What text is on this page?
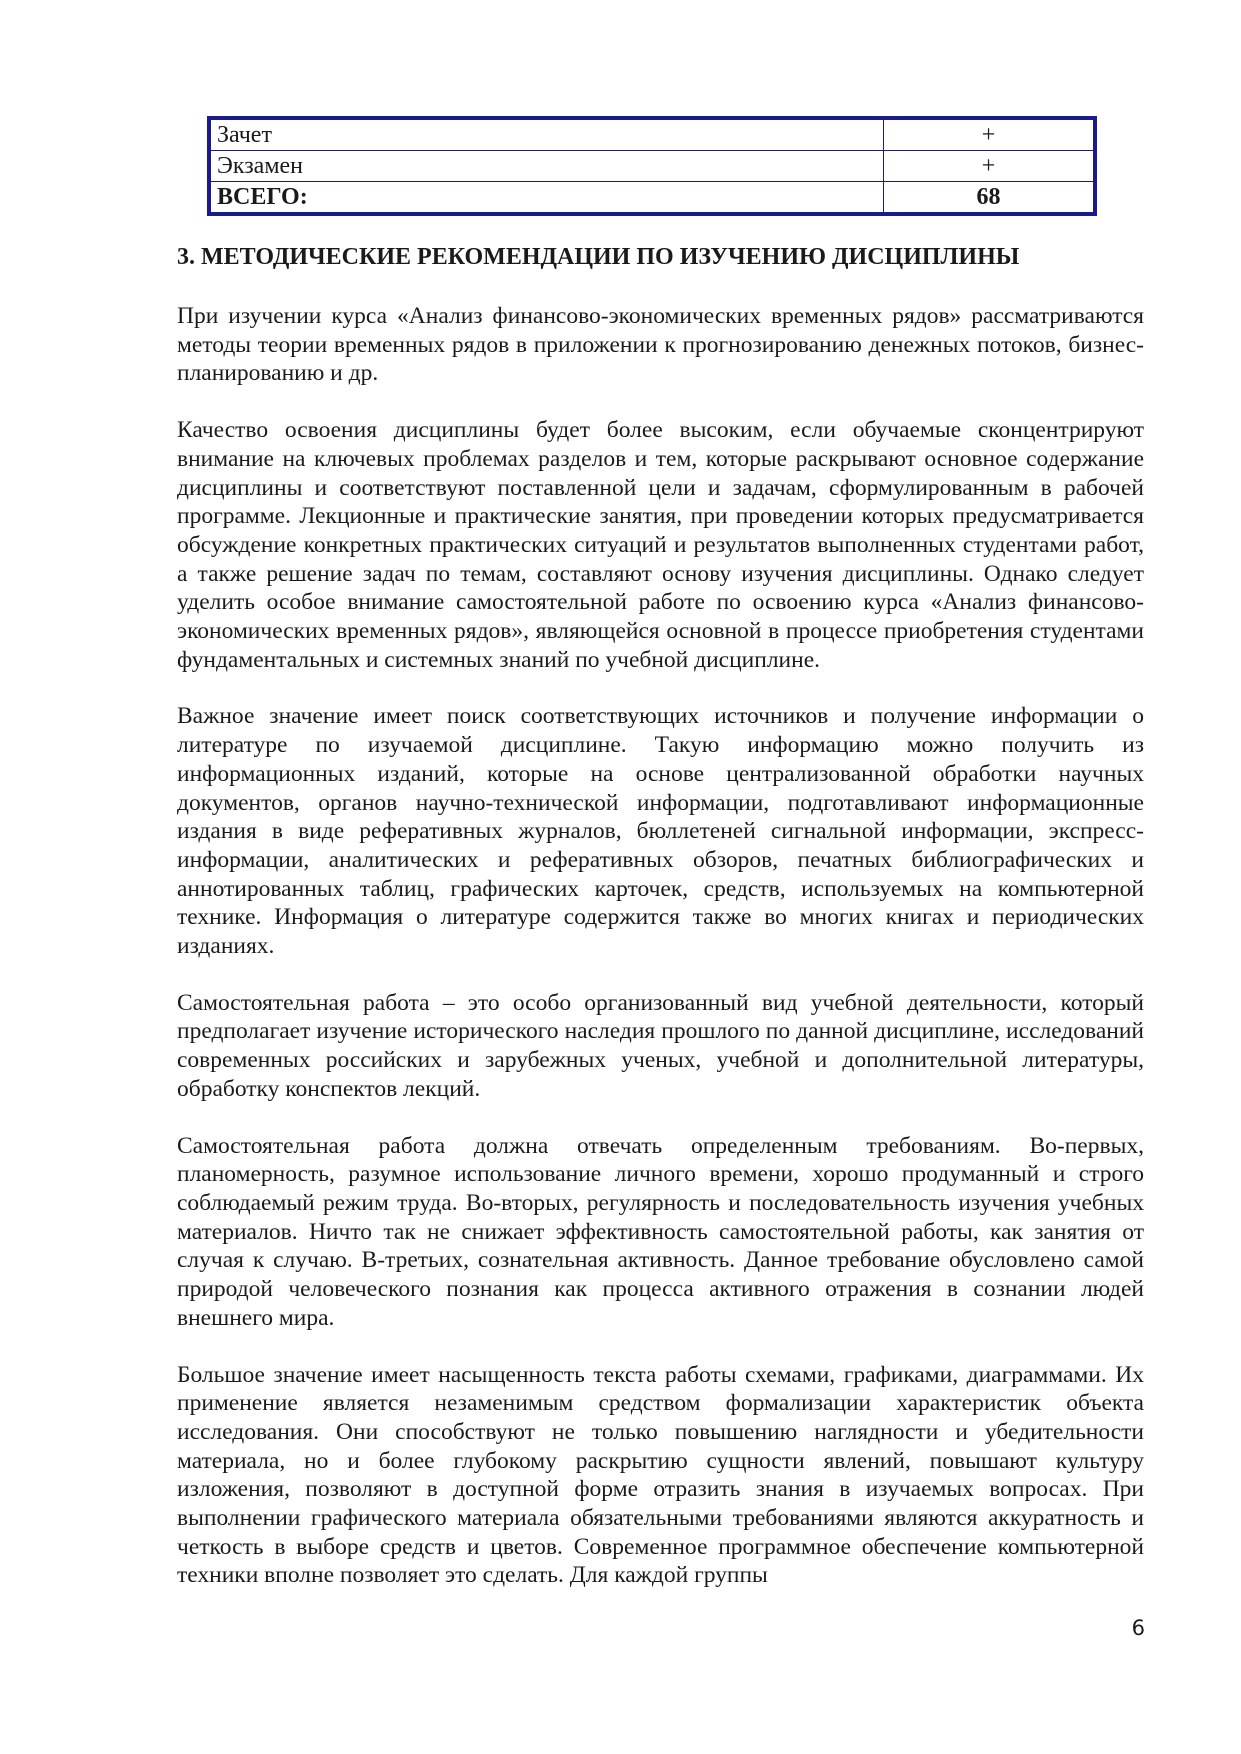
Зачет	+
Экзамен	+
ВСЕГО:	68
3. МЕТОДИЧЕСКИЕ РЕКОМЕНДАЦИИ ПО ИЗУЧЕНИЮ ДИСЦИПЛИНЫ

При изучении курса «Анализ финансово-экономических временных рядов» рассматриваются методы теории временных рядов в приложении к прогнозированию денежных потоков, бизнес-планированию и др.

Качество освоения дисциплины будет более высоким, если обучаемые сконцентрируют внимание на ключевых проблемах разделов и тем, которые раскрывают основное содержание дисциплины и соответствуют поставленной цели и задачам, сформулированным в рабочей программе. Лекционные и практические занятия, при проведении которых предусматривается обсуждение конкретных практических ситуаций и результатов выполненных студентами работ, а также решение задач по темам, составляют основу изучения дисциплины. Однако следует уделить особое внимание самостоятельной работе по освоению курса «Анализ финансово-экономических временных рядов», являющейся основной в процессе приобретения студентами фундаментальных и системных знаний по учебной дисциплине.

Важное значение имеет поиск соответствующих источников и получение информации о литературе по изучаемой дисциплине. Такую информацию можно получить из информационных изданий, которые на основе централизованной обработки научных документов, органов научно-технической информации, подготавливают информационные издания в виде реферативных журналов, бюллетеней сигнальной информации, экспресс-информации, аналитических и реферативных обзоров, печатных библиографических и аннотированных таблиц, графических карточек, средств, используемых на компьютерной технике. Информация о литературе содержится также во многих книгах и периодических изданиях.

Самостоятельная работа – это особо организованный вид учебной деятельности, который предполагает изучение исторического наследия прошлого по данной дисциплине, исследований современных российских и зарубежных ученых, учебной и дополнительной литературы, обработку конспектов лекций.

Самостоятельная работа должна отвечать определенным требованиям. Во-первых, планомерность, разумное использование личного времени, хорошо продуманный и строго соблюдаемый режим труда. Во-вторых, регулярность и последовательность изучения учебных материалов. Ничто так не снижает эффективность самостоятельной работы, как занятия от случая к случаю. В-третьих, сознательная активность. Данное требование обусловлено самой природой человеческого познания как процесса активного отражения в сознании людей внешнего мира.

Большое значение имеет насыщенность текста работы схемами, графиками, диаграммами. Их применение является незаменимым средством формализации характеристик объекта исследования. Они способствуют не только повышению наглядности и убедительности материала, но и более глубокому раскрытию сущности явлений, повышают культуру изложения, позволяют в доступной форме отразить знания в изучаемых вопросах. При выполнении графического материала обязательными требованиями являются аккуратность и четкость в выборе средств и цветов. Современное программное обеспечение компьютерной техники вполне позволяет это сделать. Для каждой группы

6
